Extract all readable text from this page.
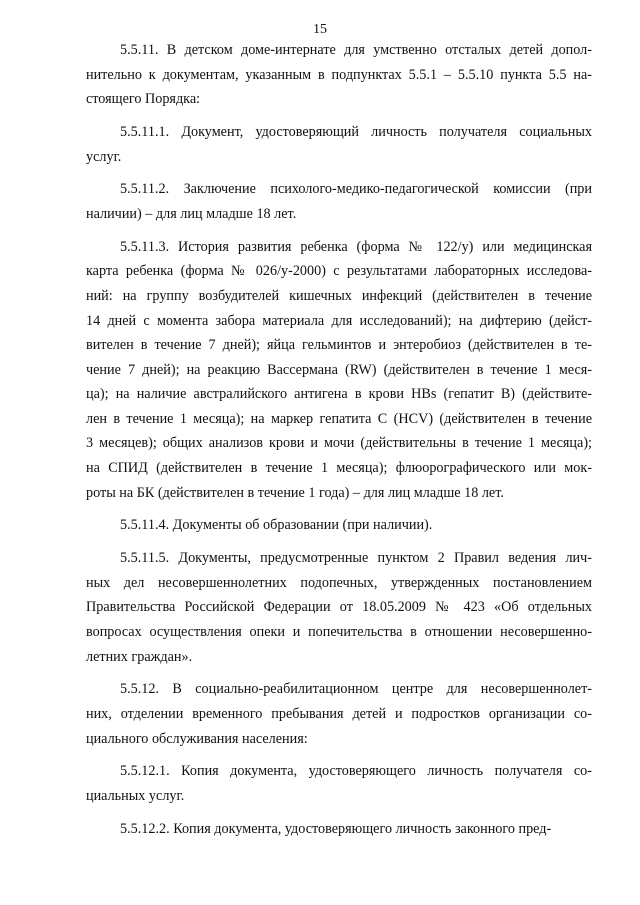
15
5.5.11. В детском доме-интернате для умственно отсталых детей допол-
нительно к документам, указанным в подпунктах 5.5.1 – 5.5.10 пункта 5.5 на-
стоящего Порядка:
5.5.11.1. Документ, удостоверяющий личность получателя социальных
услуг.
5.5.11.2. Заключение психолого-медико-педагогической комиссии (при
наличии) – для лиц младше 18 лет.
5.5.11.3. История развития ребенка (форма № 122/у) или медицинская
карта ребенка (форма № 026/у-2000) с результатами лабораторных исследова-
ний: на группу возбудителей кишечных инфекций (действителен в течение
14 дней с момента забора материала для исследований); на дифтерию (дейст-
вителен в течение 7 дней); яйца гельминтов и энтеробиоз (действителен в те-
чение 7 дней); на реакцию Вассермана (RW) (действителен в течение 1 меся-
ца); на наличие австралийского антигена в крови HBs (гепатит В) (действите-
лен в течение 1 месяца); на маркер гепатита С (HCV) (действителен в течение
3 месяцев); общих анализов крови и мочи (действительны в течение 1 месяца);
на СПИД (действителен в течение 1 месяца); флюорографического или мок-
роты на БК (действителен в течение 1 года) – для лиц младше 18 лет.
5.5.11.4. Документы об образовании (при наличии).
5.5.11.5. Документы, предусмотренные пунктом 2 Правил ведения лич-
ных дел несовершеннолетних подопечных, утвержденных постановлением
Правительства Российской Федерации от 18.05.2009 № 423 «Об отдельных
вопросах осуществления опеки и попечительства в отношении несовершенно-
летних граждан».
5.5.12. В социально-реабилитационном центре для несовершеннолет-
них, отделении временного пребывания детей и подростков организации со-
циального обслуживания населения:
5.5.12.1. Копия документа, удостоверяющего личность получателя со-
циальных услуг.
5.5.12.2. Копия документа, удостоверяющего личность законного пред-
